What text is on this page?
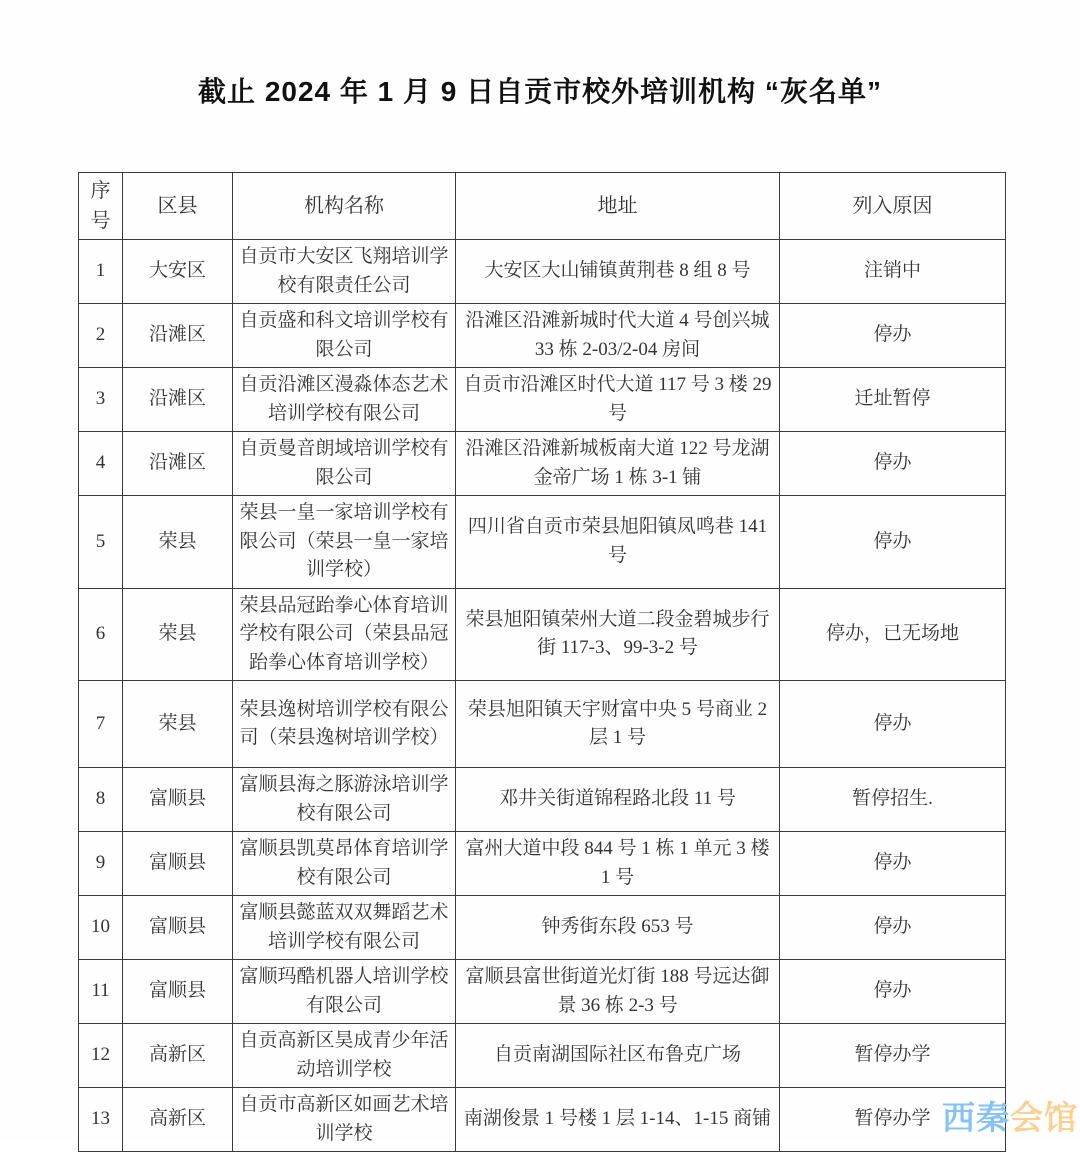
截止 2024 年 1 月 9 日自贡市校外培训机构 “灰名单”
序号	区县	机构名称	地址	列入原因
1	大安区	自贡市大安区飞翔培训学校有限责任公司	大安区大山铺镇黄荆巷 8 组 8 号	注销中
2	沿滩区	自贡盛和科文培训学校有限公司	沿滩区沿滩新城时代大道 4 号创兴城 33 栋 2-03/2-04 房间	停办
3	沿滩区	自贡沿滩区漫淼体态艺术培训学校有限公司	自贡市沿滩区时代大道 117 号 3 楼 29 号	迁址暂停
4	沿滩区	自贡曼音朗域培训学校有限公司	沿滩区沿滩新城板南大道 122 号龙湖金帝广场 1 栋 3-1 铺	停办
5	荣县	荣县一皇一家培训学校有限公司（荣县一皇一家培训学校）	四川省自贡市荣县旭阳镇凤鸣巷 141 号	停办
6	荣县	荣县品冠跆拳心体育培训学校有限公司（荣县品冠跆拳心体育培训学校）	荣县旭阳镇荣州大道二段金碧城步行街 117-3、99-3-2 号	停办，已无场地
7	荣县	荣县逸树培训学校有限公司（荣县逸树培训学校）	荣县旭阳镇天宇财富中央 5 号商业 2 层 1 号	停办
8	富顺县	富顺县海之豚游泳培训学校有限公司	邓井关街道锦程路北段 11 号	暂停招生.
9	富顺县	富顺县凯莫昂体育培训学校有限公司	富州大道中段 844 号 1 栋 1 单元 3 楼 1 号	停办
10	富顺县	富顺县懿蓝双双舞蹈艺术培训学校有限公司	钟秀街东段 653 号	停办
11	富顺县	富顺玛酷机器人培训学校有限公司	富顺县富世街道光灯街 188 号远达御景 36 栋 2-3 号	停办
12	高新区	自贡高新区昊成青少年活动培训学校	自贡南湖国际社区布鲁克广场	暂停办学
13	高新区	自贡市高新区如画艺术培训学校	南湖俊景 1 号楼 1 层 1-14、1-15 商铺	暂停办学 西秦会馆
